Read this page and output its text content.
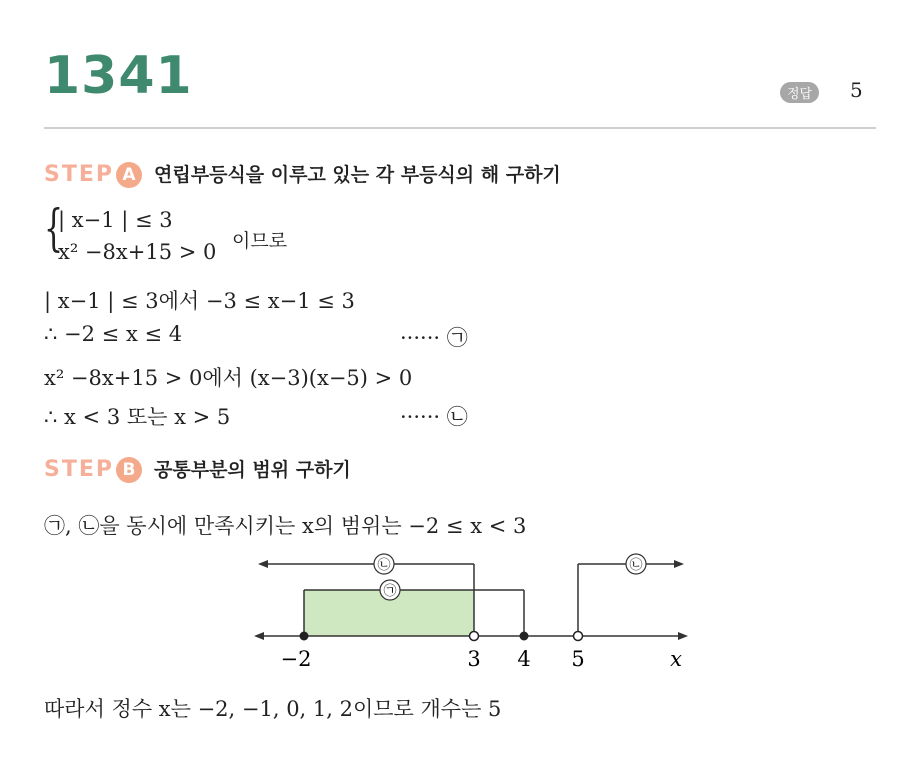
1341	정답	5
STEP A 연립부등식을 이루고 있는 각 부등식의 해 구하기
{
| x−1 | ≤ 3
x² −8x+15 > 0 이므로
| x−1 | ≤ 3에서 −3 ≤ x−1 ≤ 3
∴ −2 ≤ x ≤ 4	······ ㉠
x² −8x+15 > 0에서 (x−3)(x−5) > 0
∴ x < 3 또는 x > 5	······ ㉡
STEP B 공통부분의 범위 구하기
㉠, ㉡을 동시에 만족시키는 x의 범위는 −2 ≤ x < 3
㉡
㉠
㉡
−2	3 4 5	x
따라서 정수 x는 −2, −1, 0, 1, 2이므로 개수는 5
